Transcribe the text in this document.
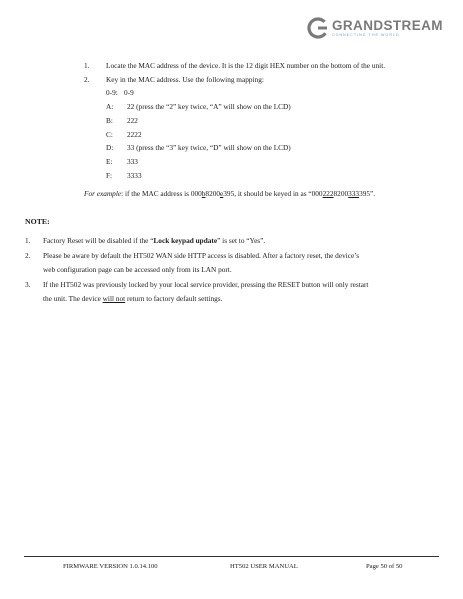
GRANDSTREAM
CONNECTING THE WORLD
1. Locate the MAC address of the device. It is the 12 digit HEX number on the bottom of the unit.
2. Key in the MAC address. Use the following mapping:
0-9: 0-9
A: 22 (press the “2” key twice, “A” will show on the LCD)
B: 222
C: 2222
D: 33 (press the “3” key twice, “D” will show on the LCD)
E: 333
F: 3333
For example: if the MAC address is 000b8200e395, it should be keyed in as “0002228200333395”.
NOTE:
1. Factory Reset will be disabled if the “Lock keypad update” is set to “Yes”.
2. Please be aware by default the HT502 WAN side HTTP access is disabled. After a factory reset, the device’s
web configuration page can be accessed only from its LAN port.
3. If the HT502 was previously locked by your local service provider, pressing the RESET button will only restart
the unit. The device will not return to factory default settings.
FIRMWARE VERSION 1.0.14.100	HT502 USER MANUAL	Page 50 of 50
